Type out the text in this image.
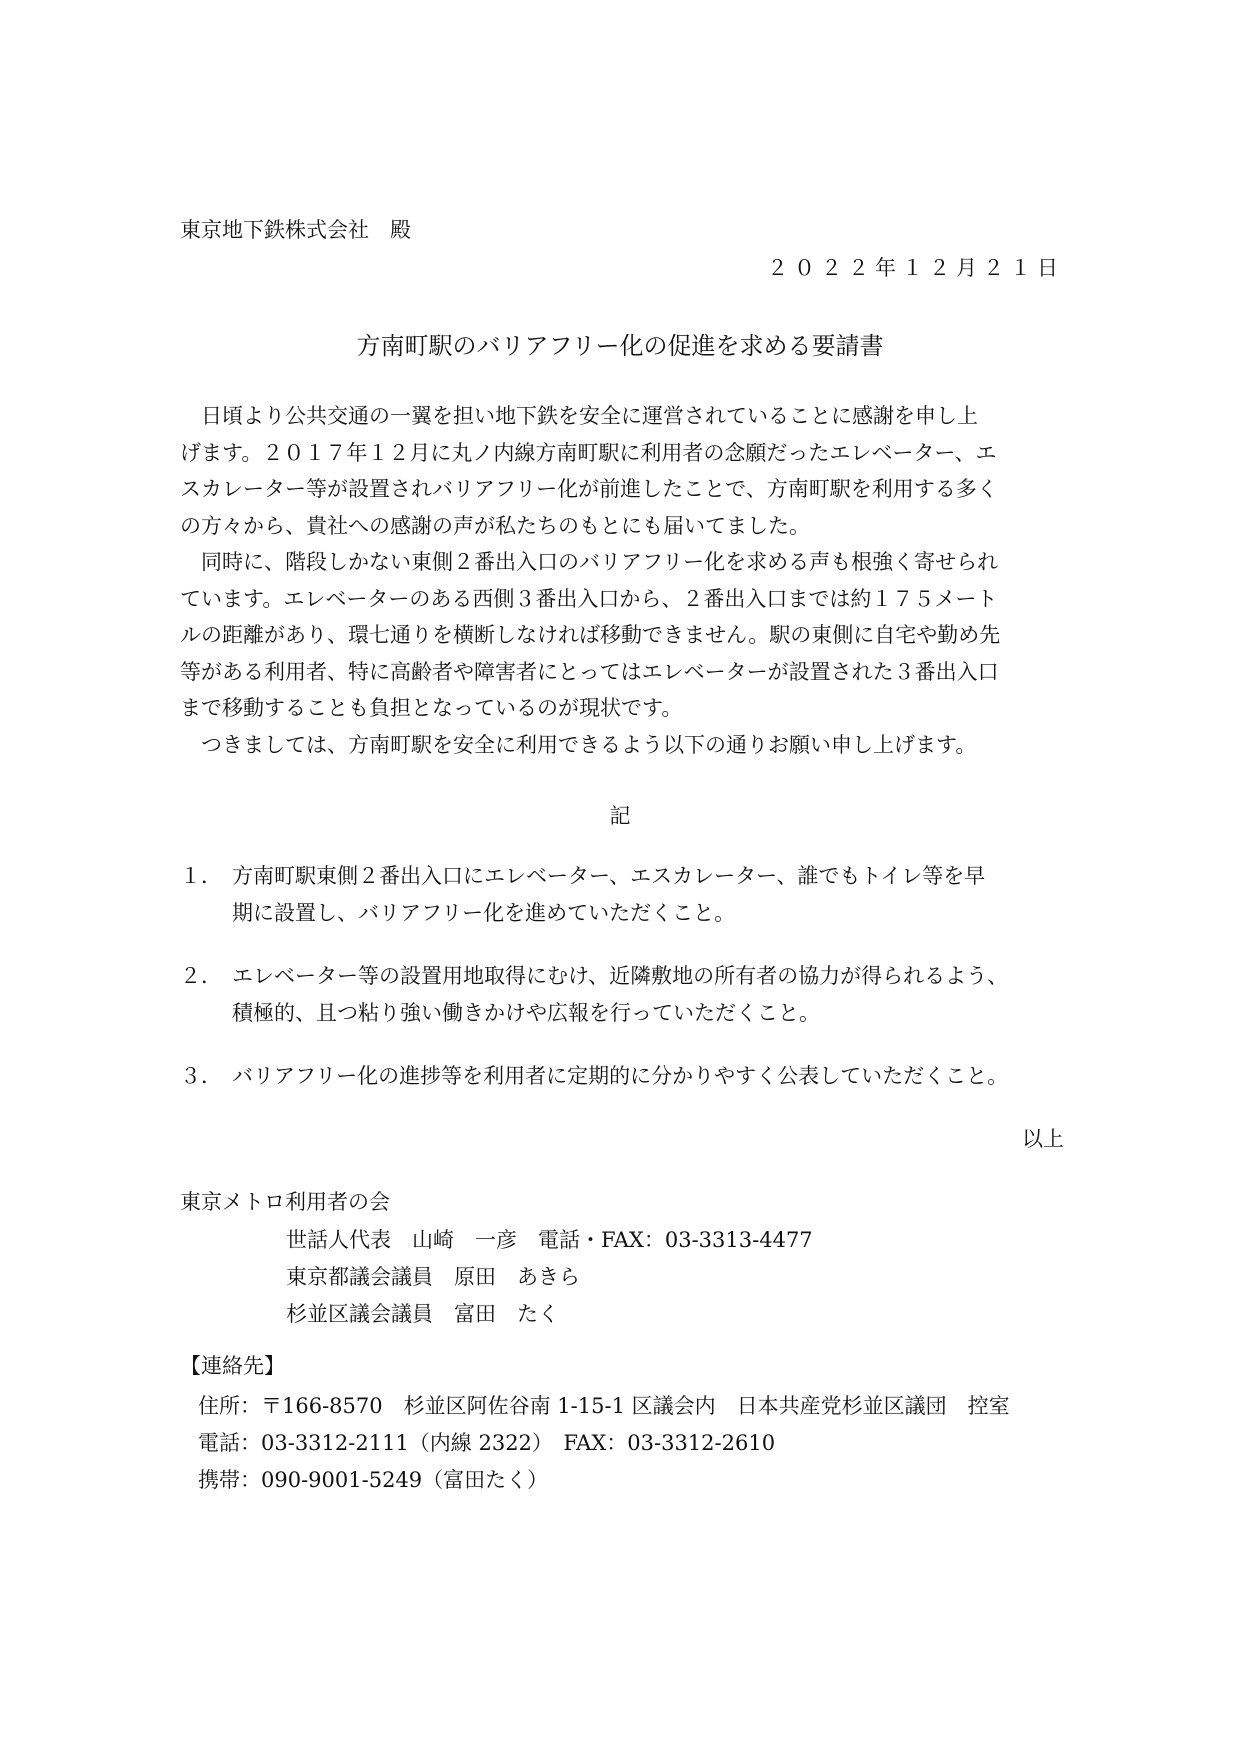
東京地下鉄株式会社　殿
２０２２年１２月２１日
方南町駅のバリアフリー化の促進を求める要請書
　日頃より公共交通の一翼を担い地下鉄を安全に運営されていることに感謝を申し上
げます。２０１７年１２月に丸ノ内線方南町駅に利用者の念願だったエレベーター、エ
スカレーター等が設置されバリアフリー化が前進したことで、方南町駅を利用する多く
の方々から、貴社への感謝の声が私たちのもとにも届いてました。
　同時に、階段しかない東側２番出入口のバリアフリー化を求める声も根強く寄せられ
ています。エレベーターのある西側３番出入口から、２番出入口までは約１７５メート
ルの距離があり、環七通りを横断しなければ移動できません。駅の東側に自宅や勤め先
等がある利用者、特に高齢者や障害者にとってはエレベーターが設置された３番出入口
まで移動することも負担となっているのが現状です。
　つきましては、方南町駅を安全に利用できるよう以下の通りお願い申し上げます。
記
１． 方南町駅東側２番出入口にエレベーター、エスカレーター、誰でもトイレ等を早
期に設置し、バリアフリー化を進めていただくこと。
２． エレベーター等の設置用地取得にむけ、近隣敷地の所有者の協力が得られるよう、
積極的、且つ粘り強い働きかけや広報を行っていただくこと。
３． バリアフリー化の進捗等を利用者に定期的に分かりやすく公表していただくこと。
以上
東京メトロ利用者の会
世話人代表　山崎　一彦　電話・FAX：03-3313-4477
東京都議会議員　原田　あきら
杉並区議会議員　富田　たく
【連絡先】
住所：〒166-8570　杉並区阿佐谷南 1-15-1 区議会内　日本共産党杉並区議団　控室
電話：03-3312-2111（内線 2322）　FAX：03-3312-2610
携帯：090-9001-5249（富田たく）
